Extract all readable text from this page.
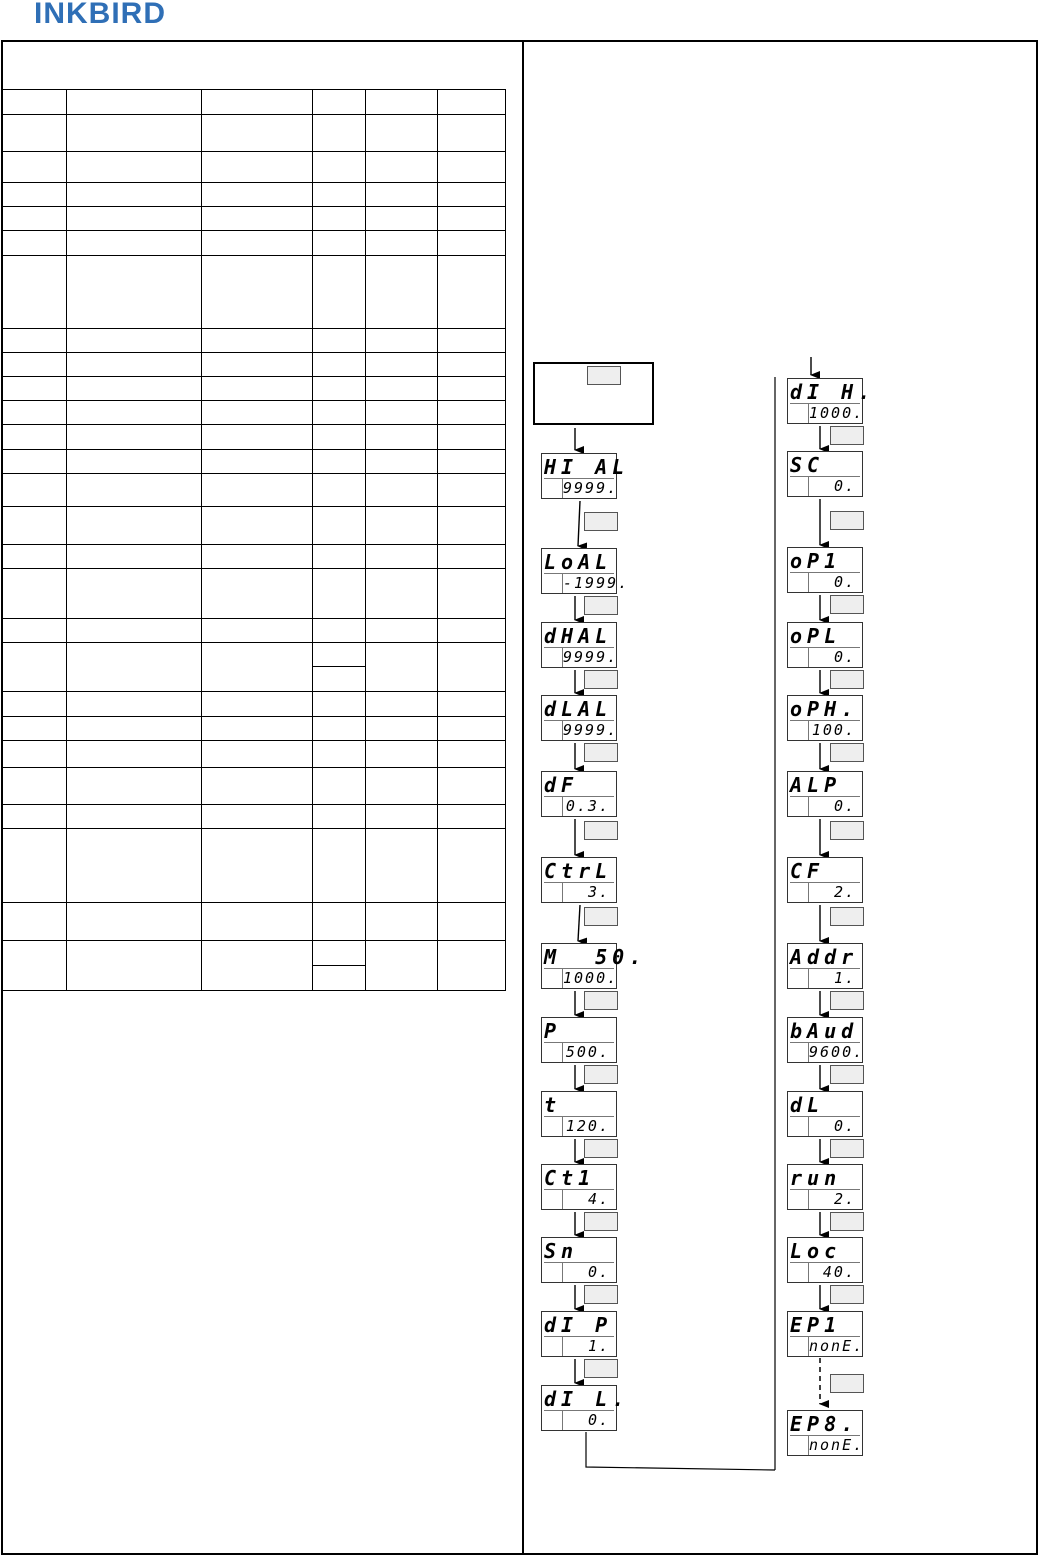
INKBIRD

HI AL
9999.
LoAL
-1999.
dHAL
9999.
dLAL
9999.
dF
0.3.
CtrL
3.
M  50.
1000.
P
500.
t
120.
Ct1
4.
Sn
0.
dI P
1.
dI L.
0.
dI H.
1000.
SC
0.
oP1
0.
oPL
0.
oPH.
100.
ALP
0.
CF
2.
Addr
1.
bAud
9600.
dL
0.
run
2.
Loc
40.
EP1
nonE.
EP8.
nonE.
